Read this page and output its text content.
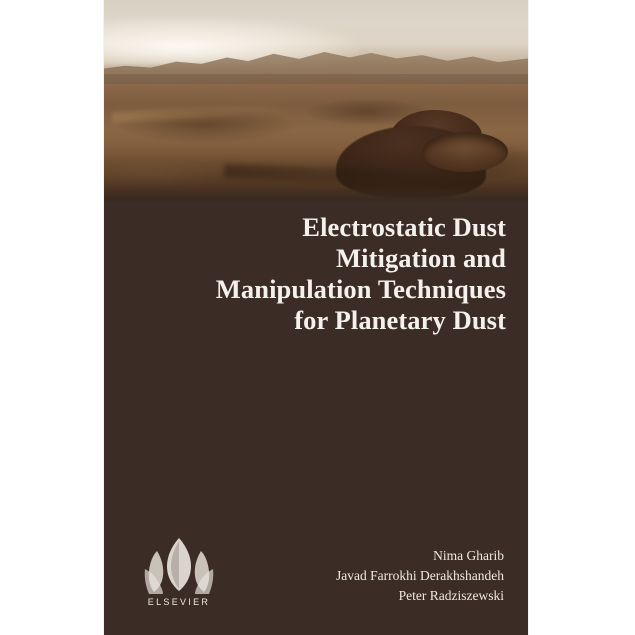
Electrostatic Dust
Mitigation and
Manipulation Techniques
for Planetary Dust
Nima Gharib
Javad Farrokhi Derakhshandeh
Peter Radziszewski
ELSEVIER
